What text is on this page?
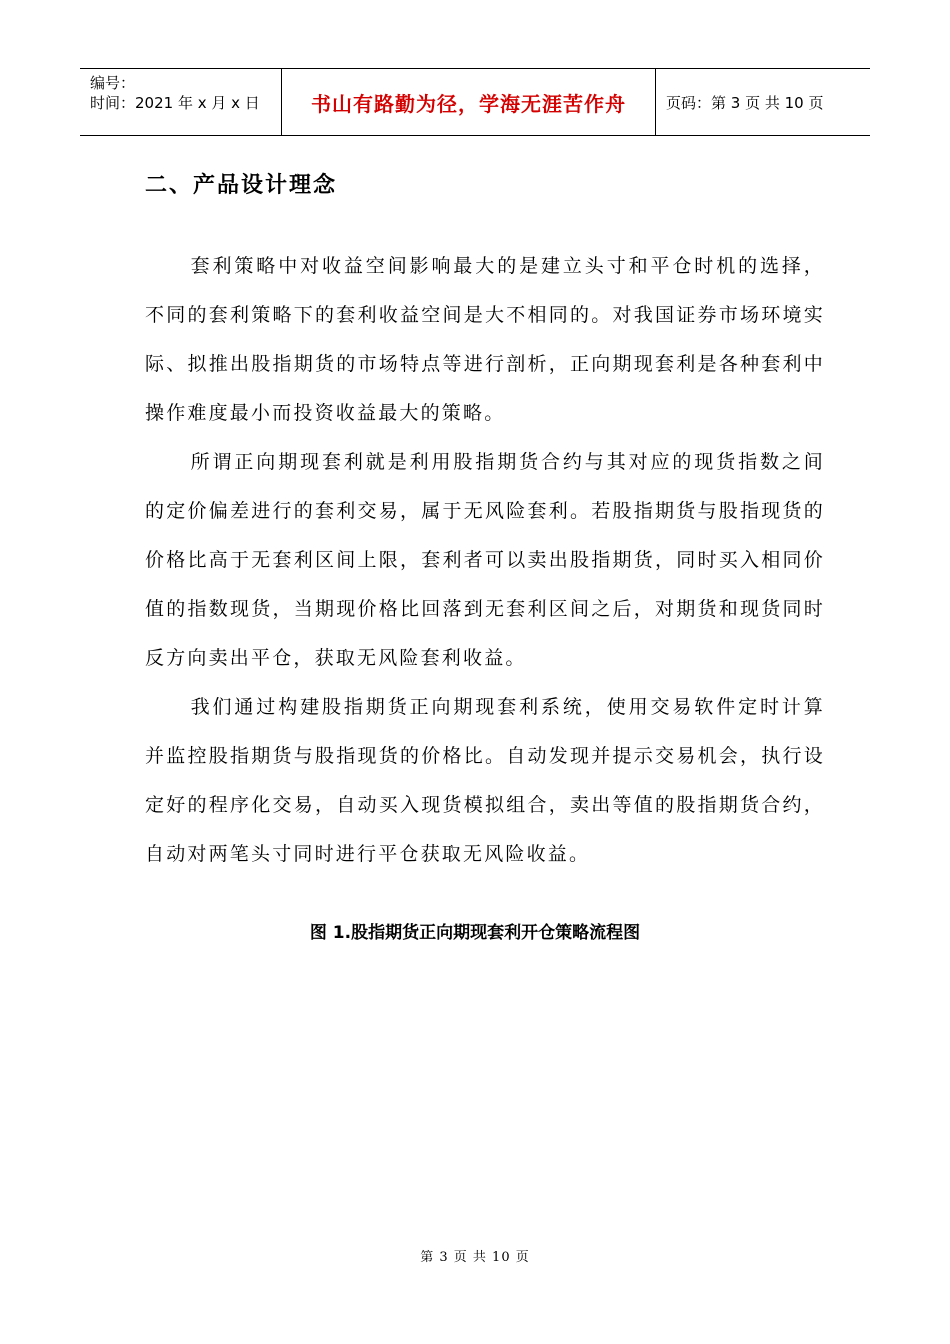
编号：
时间：2021 年 x 月 x 日	书山有路勤为径，学海无涯苦作舟	页码：第 3 页 共 10 页
二、产品设计理念

套利策略中对收益空间影响最大的是建立头寸和平仓时机的选择，不同的套利策略下的套利收益空间是大不相同的。对我国证券市场环境实际、拟推出股指期货的市场特点等进行剖析，正向期现套利是各种套利中操作难度最小而投资收益最大的策略。

所谓正向期现套利就是利用股指期货合约与其对应的现货指数之间的定价偏差进行的套利交易，属于无风险套利。若股指期货与股指现货的价格比高于无套利区间上限，套利者可以卖出股指期货，同时买入相同价值的指数现货，当期现价格比回落到无套利区间之后，对期货和现货同时反方向卖出平仓，获取无风险套利收益。

我们通过构建股指期货正向期现套利系统，使用交易软件定时计算并监控股指期货与股指现货的价格比。自动发现并提示交易机会，执行设定好的程序化交易，自动买入现货模拟组合，卖出等值的股指期货合约，自动对两笔头寸同时进行平仓获取无风险收益。

图 1.股指期货正向期现套利开仓策略流程图
第 3 页 共 10 页
